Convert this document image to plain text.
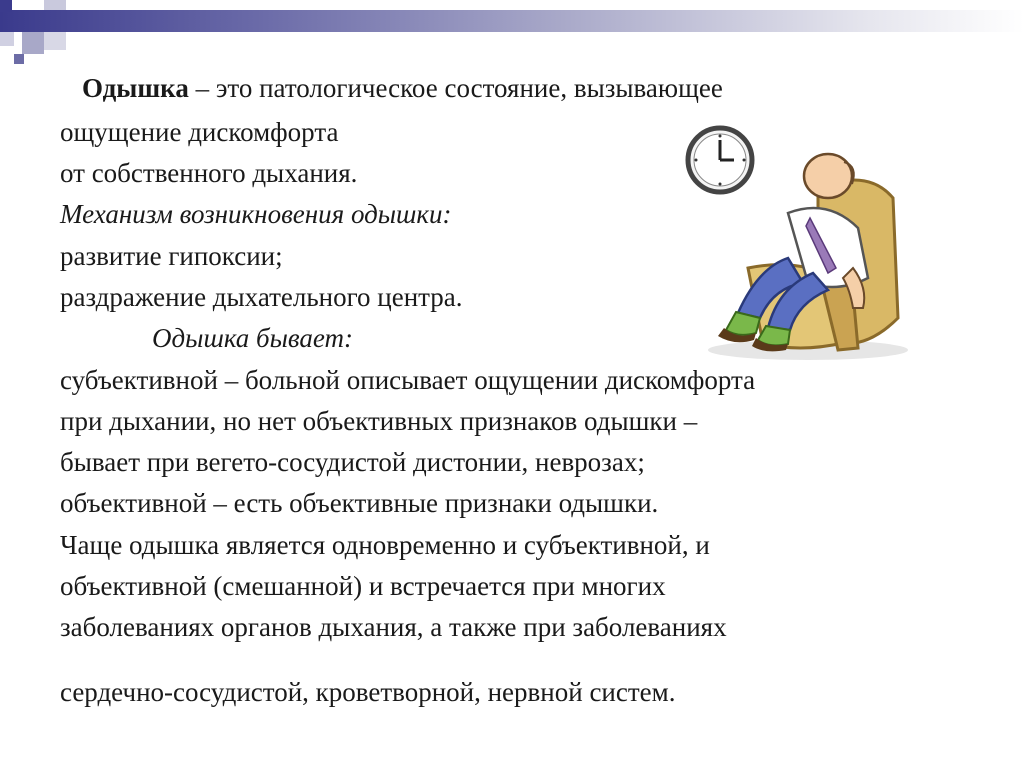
Одышка – это патологическое состояние, вызывающее
ощущение дискомфорта
от собственного дыхания.
Механизм возникновения одышки:
развитие гипоксии;
раздражение дыхательного центра.
Одышка бывает:
субъективной – больной описывает ощущении дискомфорта
при дыхании, но нет объективных признаков одышки –
бывает при вегето-сосудистой дистонии, неврозах;
объективной – есть объективные признаки одышки.
Чаще одышка является одновременно и субъективной, и
объективной (смешанной) и встречается при многих
заболеваниях органов дыхания, а также при заболеваниях
сердечно-сосудистой, кроветворной, нервной систем.
